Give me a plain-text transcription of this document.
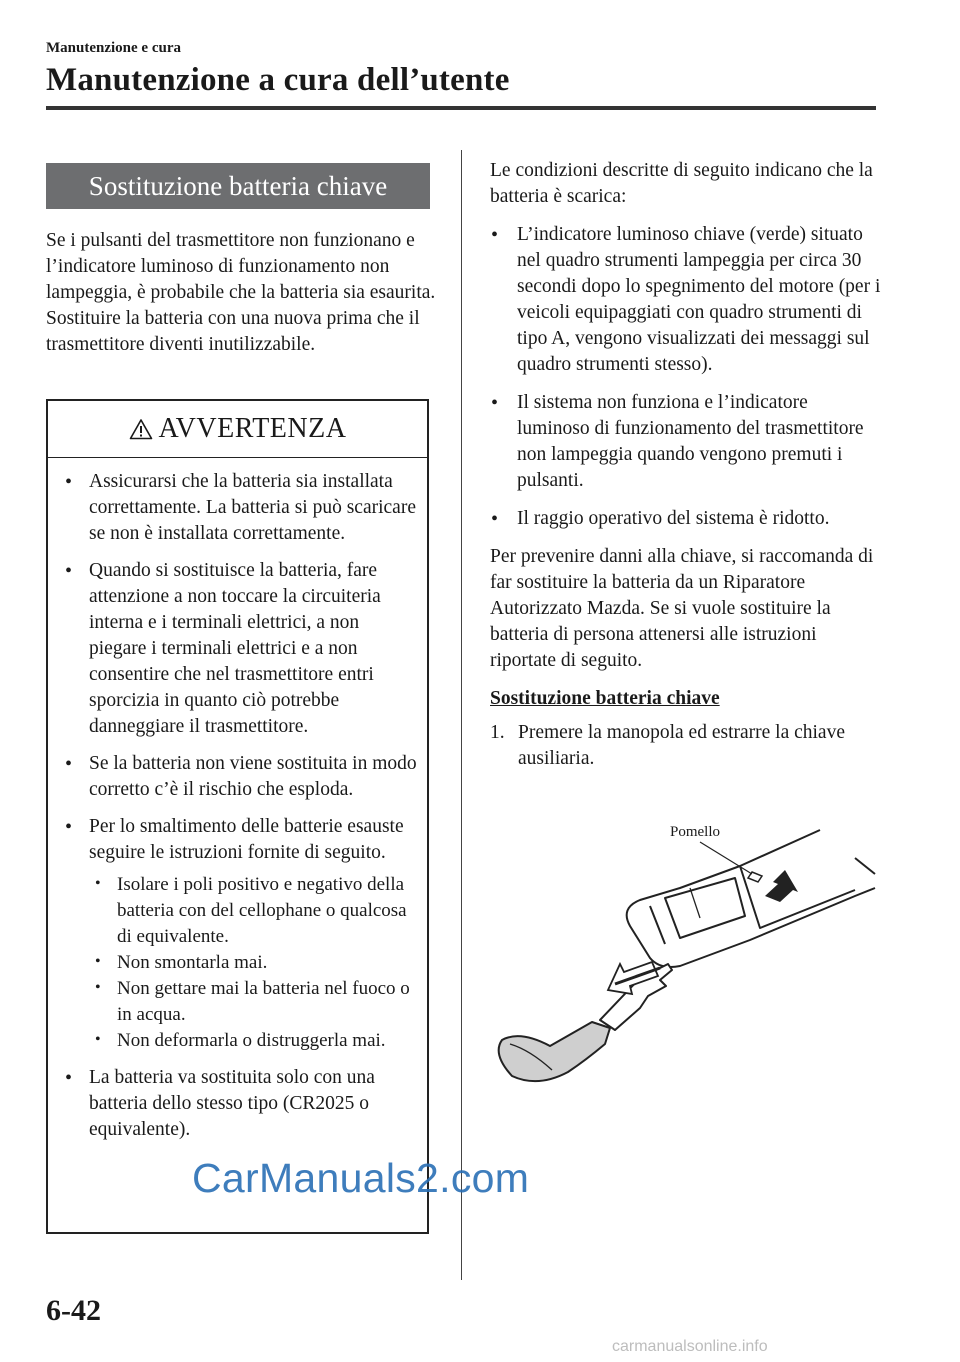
Manutenzione e cura
Manutenzione a cura dell’utente
Sostituzione batteria chiave

Se i pulsanti del trasmettitore non funzionano e l’indicatore luminoso di funzionamento non lampeggia, è probabile che la batteria sia esaurita. Sostituire la batteria con una nuova prima che il trasmettitore diventi inutilizzabile.

AVVERTENZA
• Assicurarsi che la batteria sia installata correttamente. La batteria si può scaricare se non è installata correttamente.
• Quando si sostituisce la batteria, fare attenzione a non toccare la circuiteria interna e i terminali elettrici, a non piegare i terminali elettrici e a non consentire che nel trasmettitore entri sporcizia in quanto ciò potrebbe danneggiare il trasmettitore.
• Se la batteria non viene sostituita in modo corretto c’è il rischio che esploda.
• Per lo smaltimento delle batterie esauste seguire le istruzioni fornite di seguito.
• Isolare i poli positivo e negativo della batteria con del cellophane o qualcosa di equivalente.
• Non smontarla mai.
• Non gettare mai la batteria nel fuoco o in acqua.
• Non deformarla o distruggerla mai.
• La batteria va sostituita solo con una batteria dello stesso tipo (CR2025 o equivalente).

Le condizioni descritte di seguito indicano che la batteria è scarica:

• L’indicatore luminoso chiave (verde) situato nel quadro strumenti lampeggia per circa 30 secondi dopo lo spegnimento del motore (per i veicoli equipaggiati con quadro strumenti di tipo A, vengono visualizzati dei messaggi sul quadro strumenti stesso).
• Il sistema non funziona e l’indicatore luminoso di funzionamento del trasmettitore non lampeggia quando vengono premuti i pulsanti.
• Il raggio operativo del sistema è ridotto.

Per prevenire danni alla chiave, si raccomanda di far sostituire la batteria da un Riparatore Autorizzato Mazda. Se si vuole sostituire la batteria di persona attenersi alle istruzioni riportate di seguito.

Sostituzione batteria chiave
1. Premere la manopola ed estrarre la chiave ausiliaria.
Pomello
6-42
CarManuals2.com
carmanualsonline.info
